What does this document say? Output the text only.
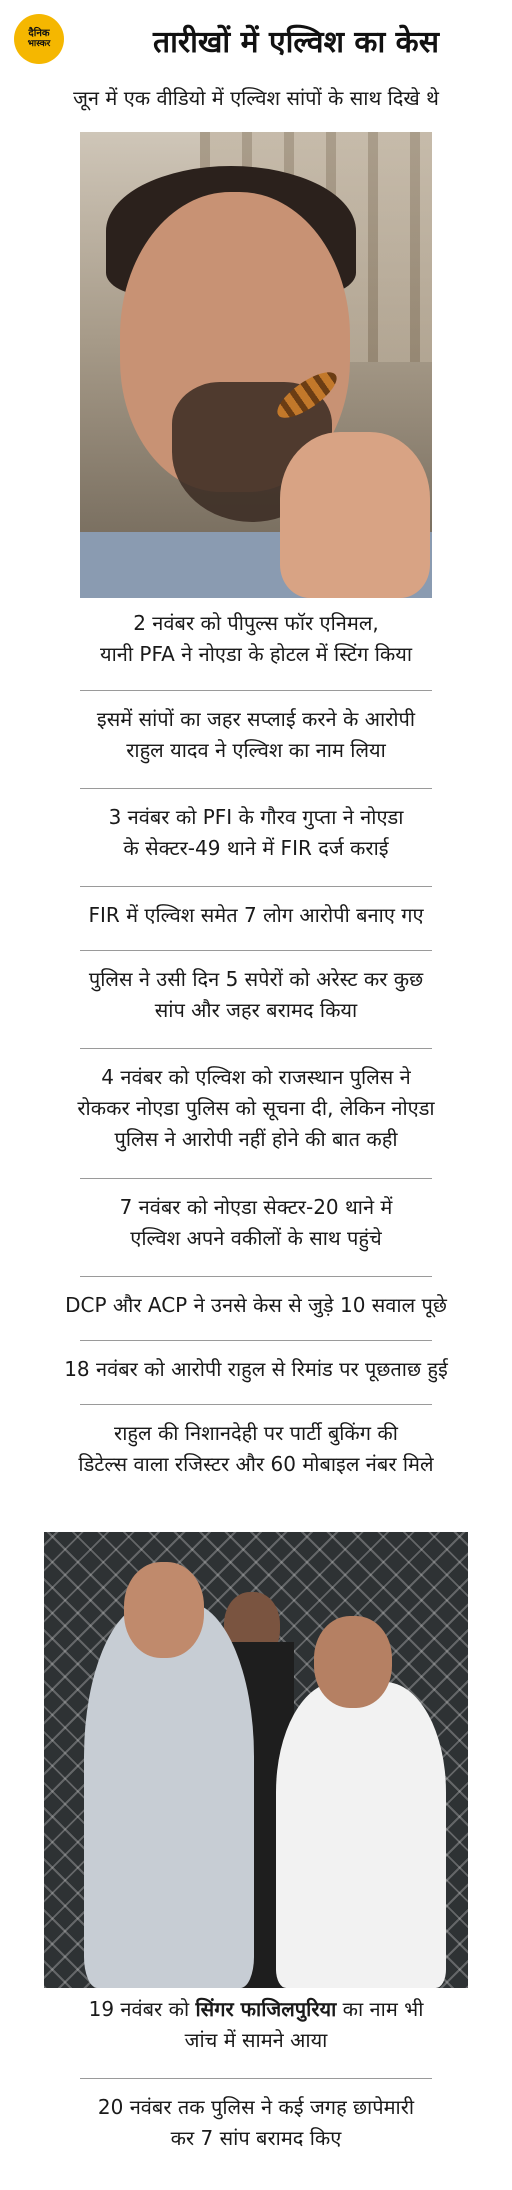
दैनिक
भास्कर	तारीखों में एल्विश का केस
जून में एक वीडियो में एल्विश सांपों के साथ दिखे थे
2 नवंबर को पीपुल्स फॉर एनिमल,
यानी PFA ने नोएडा के होटल में स्टिंग किया
इसमें सांपों का जहर सप्लाई करने के आरोपी
राहुल यादव ने एल्विश का नाम लिया
3 नवंबर को PFI के गौरव गुप्ता ने नोएडा
के सेक्टर-49 थाने में FIR दर्ज कराई
FIR में एल्विश समेत 7 लोग आरोपी बनाए गए
पुलिस ने उसी दिन 5 सपेरों को अरेस्ट कर कुछ
सांप और जहर बरामद किया
4 नवंबर को एल्विश को राजस्थान पुलिस ने
रोककर नोएडा पुलिस को सूचना दी, लेकिन नोएडा
पुलिस ने आरोपी नहीं होने की बात कही
7 नवंबर को नोएडा सेक्टर-20 थाने में
एल्विश अपने वकीलों के साथ पहुंचे
DCP और ACP ने उनसे केस से जुड़े 10 सवाल पूछे
18 नवंबर को आरोपी राहुल से रिमांड पर पूछताछ हुई
राहुल की निशानदेही पर पार्टी बुकिंग की
डिटेल्स वाला रजिस्टर और 60 मोबाइल नंबर मिले
19 नवंबर को सिंगर फाजिलपुरिया का नाम भी
जांच में सामने आया
20 नवंबर तक पुलिस ने कई जगह छापेमारी
कर 7 सांप बरामद किए
